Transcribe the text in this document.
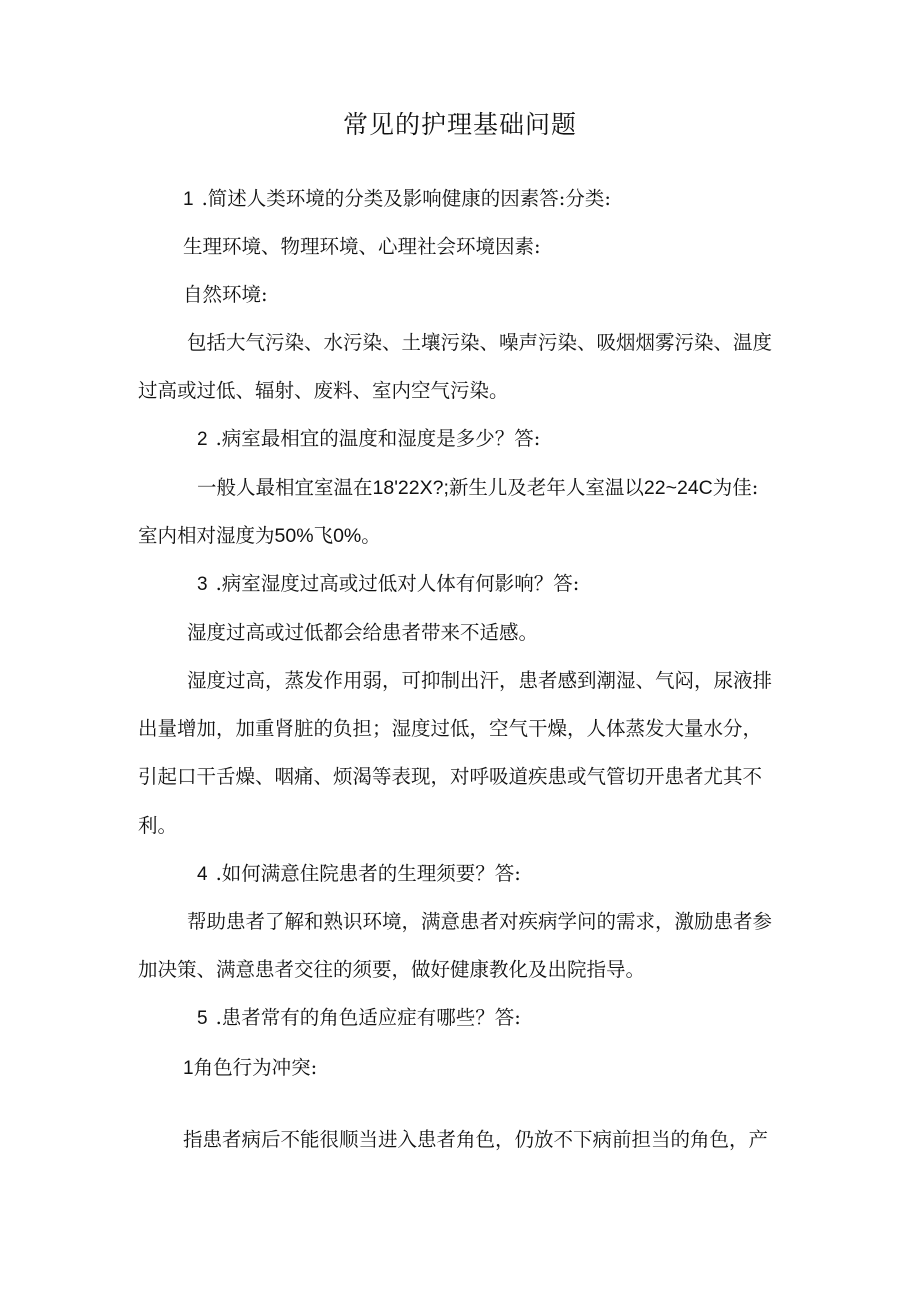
常见的护理基础问题
1 .简述人类环境的分类及影响健康的因素答:分类:
生理环境、物理环境、心理社会环境因素:
自然环境:
包括大气污染、水污染、土壤污染、噪声污染、吸烟烟雾污染、温度
过高或过低、辐射、废料、室内空气污染。
2 .病室最相宜的温度和湿度是多少？答:
一般人最相宜室温在18'22X?;新生儿及老年人室温以22~24C为佳:
室内相对湿度为50%飞0%。
3 .病室湿度过高或过低对人体有何影响？答:
湿度过高或过低都会给患者带来不适感。
湿度过高，蒸发作用弱，可抑制出汗，患者感到潮湿、气闷，尿液排
出量增加，加重肾脏的负担；湿度过低，空气干燥，人体蒸发大量水分，
引起口干舌燥、咽痛、烦渴等表现，对呼吸道疾患或气管切开患者尤其不
利。
4 .如何满意住院患者的生理须要？答:
帮助患者了解和熟识环境，满意患者对疾病学问的需求，激励患者参
加决策、满意患者交往的须要，做好健康教化及出院指导。
5 .患者常有的角色适应症有哪些？答:
1角色行为冲突:
指患者病后不能很顺当进入患者角色，仍放不下病前担当的角色，产
